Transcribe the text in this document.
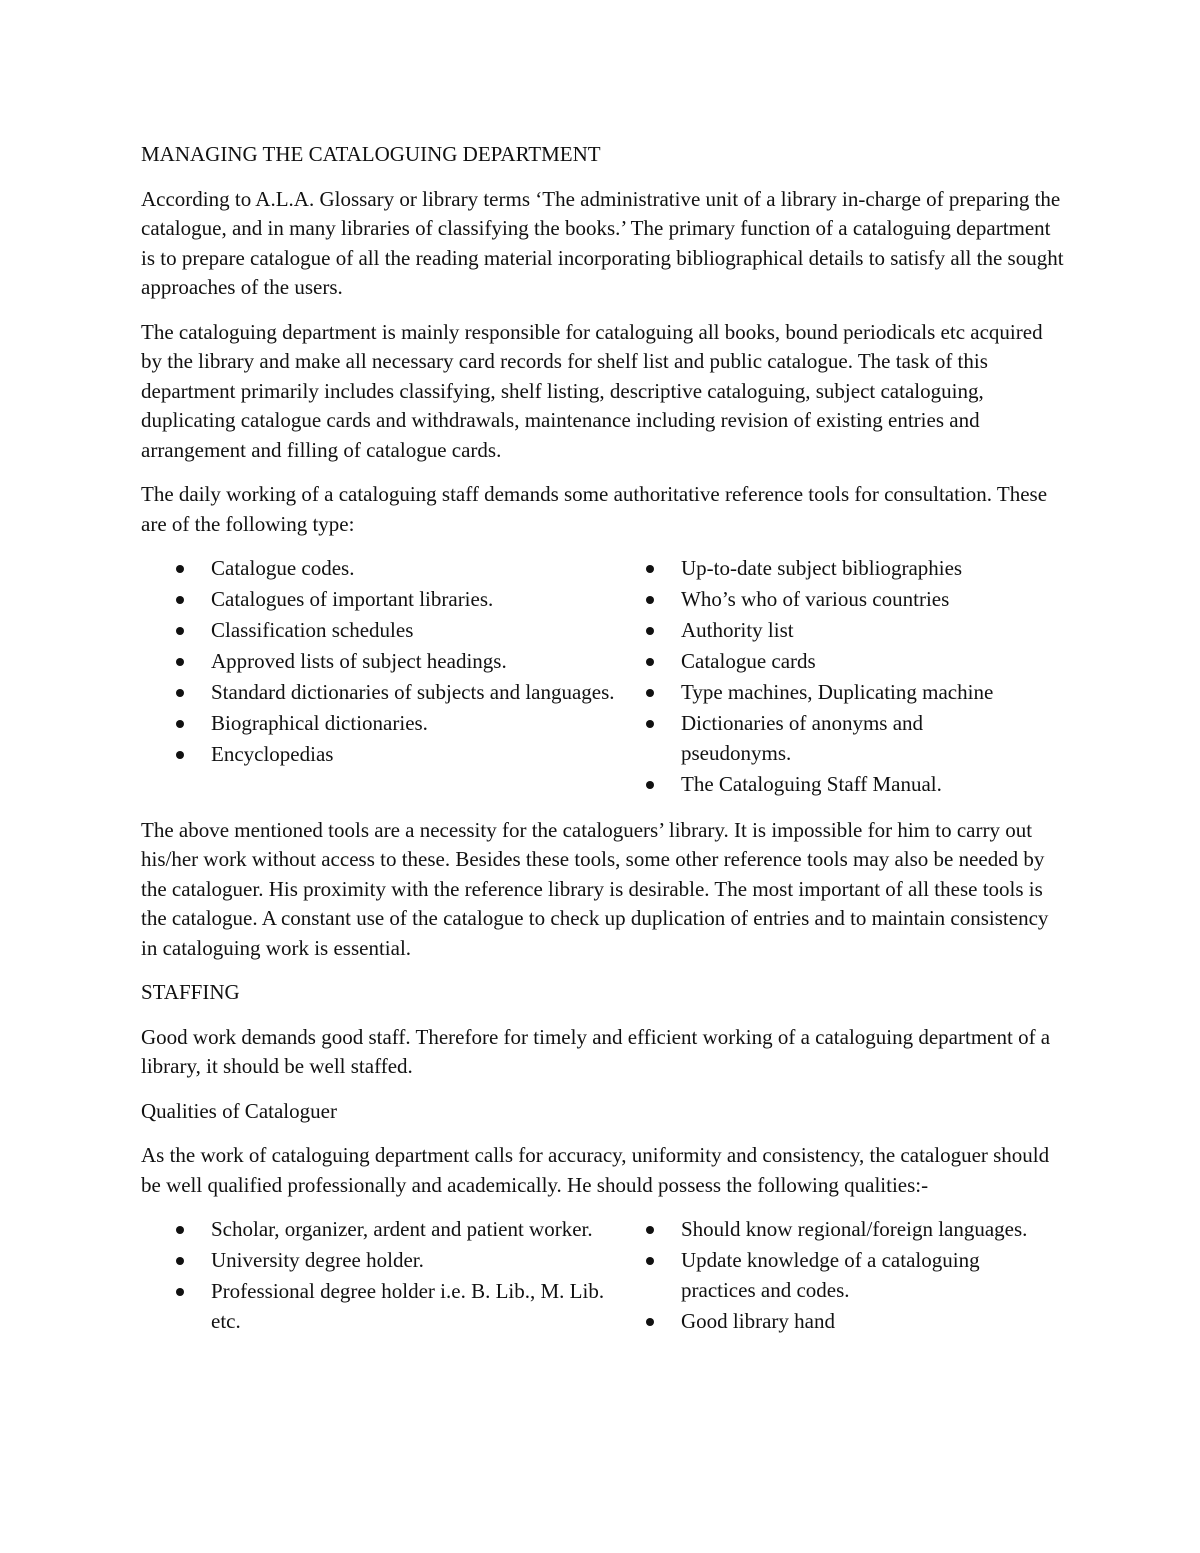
MANAGING THE CATALOGUING DEPARTMENT

According to A.L.A. Glossary or library terms ‘The administrative unit of a library in-charge of preparing the catalogue, and in many libraries of classifying the books.’ The primary function of a cataloguing department is to prepare catalogue of all the reading material incorporating bibliographical details to satisfy all the sought approaches of the users.

The cataloguing department is mainly responsible for cataloguing all books, bound periodicals etc acquired by the library and make all necessary card records for shelf list and public catalogue. The task of this department primarily includes classifying, shelf listing, descriptive cataloguing, subject cataloguing, duplicating catalogue cards and withdrawals, maintenance including revision of existing entries and arrangement and filling of catalogue cards.

The daily working of a cataloguing staff demands some authoritative reference tools for consultation. These are of the following type:

Catalogue codes.
Catalogues of important libraries.
Classification schedules
Approved lists of subject headings.
Standard dictionaries of subjects and languages.
Biographical dictionaries.
Encyclopedias
Up-to-date subject bibliographies
Who’s who of various countries
Authority list
Catalogue cards
Type machines, Duplicating machine
Dictionaries of anonyms and pseudonyms.
The Cataloguing Staff Manual.

The above mentioned tools are a necessity for the cataloguers’ library. It is impossible for him to carry out his/her work without access to these. Besides these tools, some other reference tools may also be needed by the cataloguer. His proximity with the reference library is desirable. The most important of all these tools is the catalogue. A constant use of the catalogue to check up duplication of entries and to maintain consistency in cataloguing work is essential.

STAFFING

Good work demands good staff. Therefore for timely and efficient working of a cataloguing department of a library, it should be well staffed.

Qualities of Cataloguer

As the work of cataloguing department calls for accuracy, uniformity and consistency, the cataloguer should be well qualified professionally and academically. He should possess the following qualities:-

Scholar, organizer, ardent and patient worker.
University degree holder.
Professional degree holder i.e. B. Lib., M. Lib. etc.
Should know regional/foreign languages.
Update knowledge of a cataloguing practices and codes.
Good library hand
